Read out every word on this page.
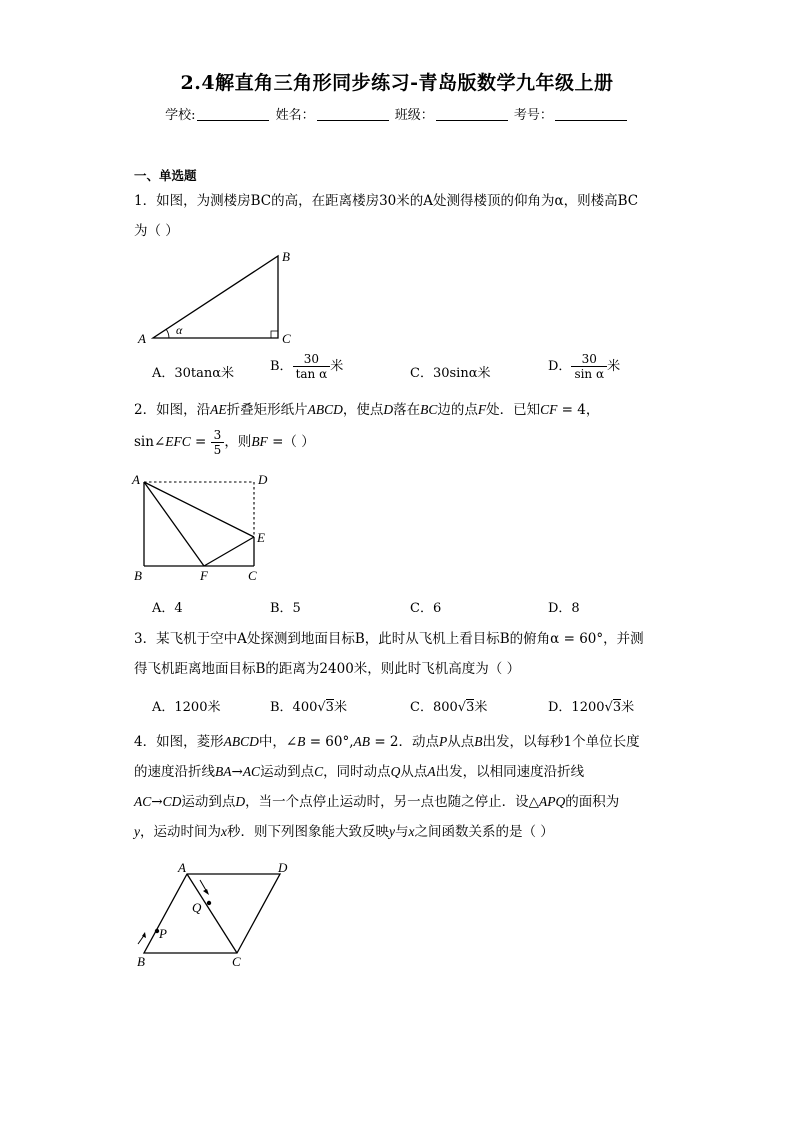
2.4解直角三角形同步练习-青岛版数学九年级上册
学校:	姓名：	班级：	考号：
一、单选题
1．如图，为测楼房BC的高，在距离楼房30米的A处测得楼顶的仰角为α，则楼高BC
为（ ）
A
B
C
α
A．30tanα米	B． $\frac{30}{\text{tan α}}$ 米	C．30sinα米	D． $\frac{30}{\text{sin α}}$ 米
2．如图，沿AE折叠矩形纸片ABCD，使点D落在BC边的点F处．已知CF = 4，
sin∠EFC = $\frac{3}{5}$ ，则BF =（ ）
A	D
E
B	F	C
A．4	B．5	C．6	D．8
3．某飞机于空中A处探测到地面目标B，此时从飞机上看目标B的俯角α = 60°，并测
得飞机距离地面目标B的距离为2400米，则此时飞机高度为（ ）
A．1200米	B．400√3米	C．800√3米	D．1200√3米
4．如图，菱形ABCD中，∠B = 60°,AB = 2．动点P从点B出发，以每秒1个单位长度
的速度沿折线BA→AC运动到点C，同时动点Q从点A出发，以相同速度沿折线
AC→CD运动到点D，当一个点停止运动时，另一点也随之停止．设△APQ的面积为
y，运动时间为x秒．则下列图象能大致反映y与x之间函数关系的是（ ）
A	D
B	C
P
Q
